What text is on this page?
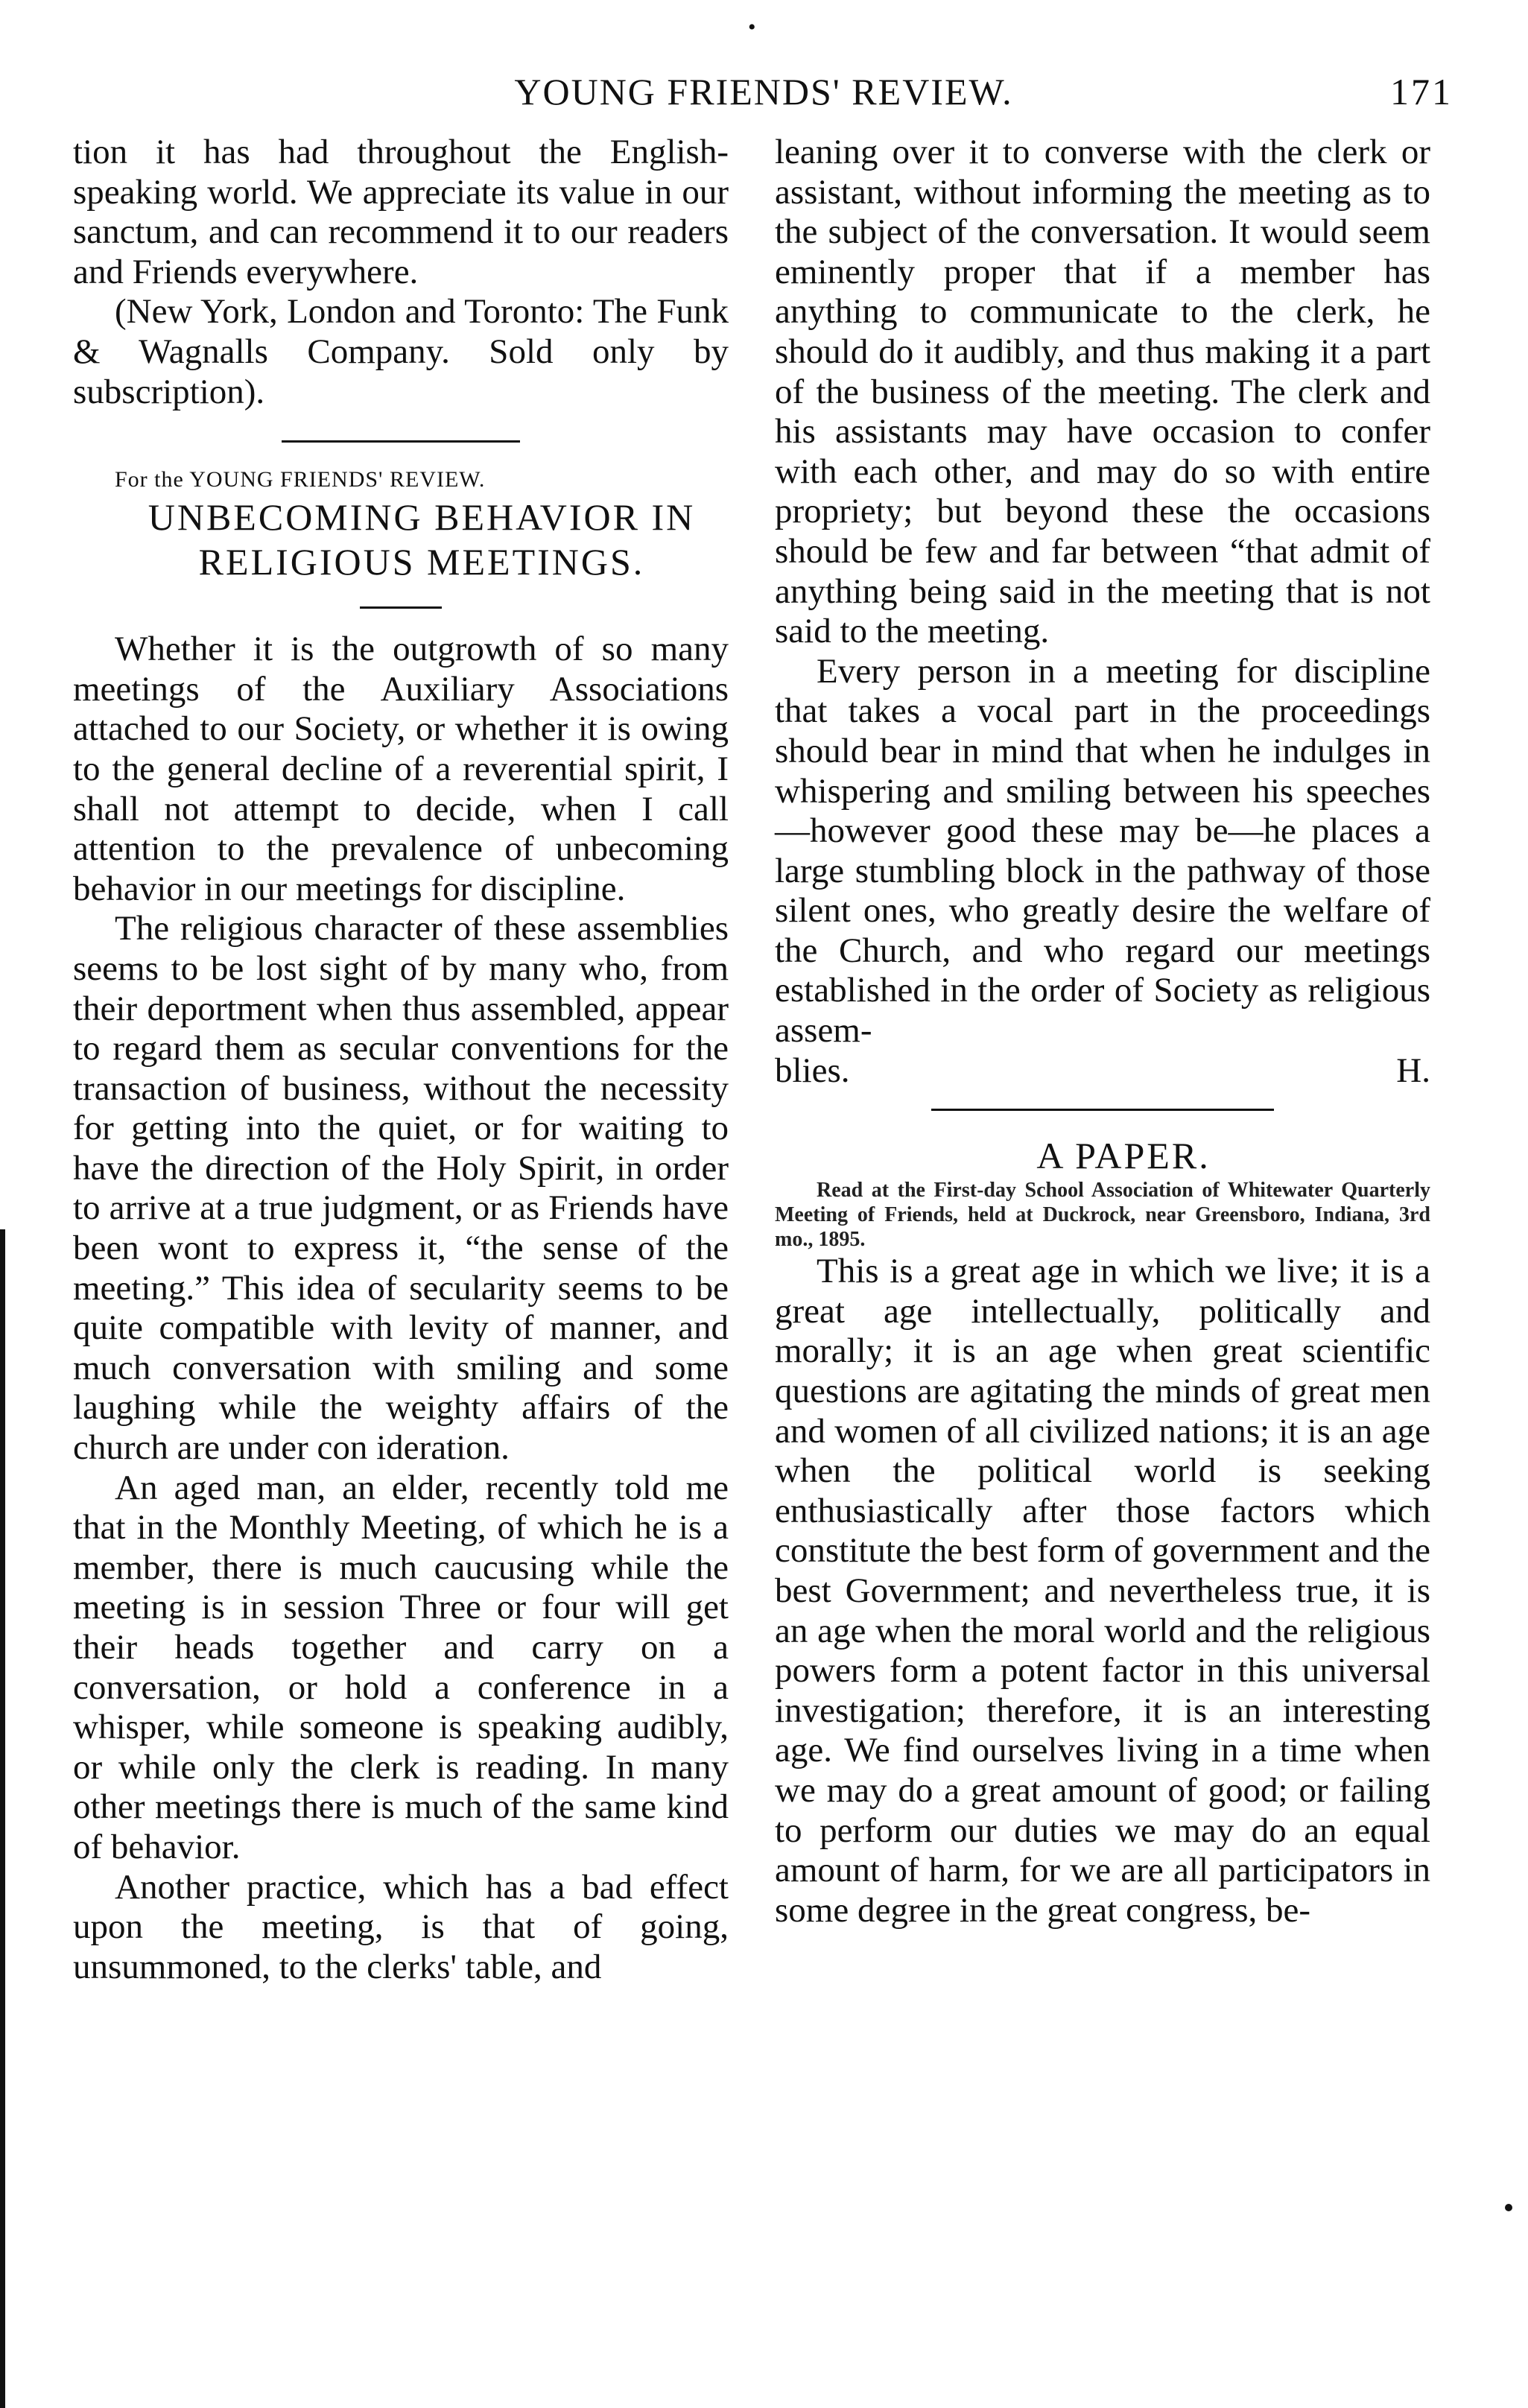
•
YOUNG FRIENDS' REVIEW.	171

tion it has had throughout the English-speaking world. We appreciate its value in our sanctum, and can recommend it to our readers and Friends everywhere.

(New York, London and Toronto: The Funk & Wagnalls Company. Sold only by subscription).

For the YOUNG FRIENDS' REVIEW.

UNBECOMING BEHAVIOR IN

RELIGIOUS MEETINGS.

Whether it is the outgrowth of so many meetings of the Auxiliary Associations attached to our Society, or whether it is owing to the general decline of a reverential spirit, I shall not attempt to decide, when I call attention to the prevalence of unbecoming behavior in our meetings for discipline.

The religious character of these assemblies seems to be lost sight of by many who, from their deportment when thus assembled, appear to regard them as secular conventions for the transaction of business, without the necessity for getting into the quiet, or for waiting to have the direction of the Holy Spirit, in order to arrive at a true judgment, or as Friends have been wont to express it, “the sense of the meeting.” This idea of secularity seems to be quite compatible with levity of manner, and much conversation with smiling and some laughing while the weighty affairs of the church are under con ideration.

An aged man, an elder, recently told me that in the Monthly Meeting, of which he is a member, there is much caucusing while the meeting is in session Three or four will get their heads together and carry on a conversation, or hold a conference in a whisper, while someone is speaking audibly, or while only the clerk is reading. In many other meetings there is much of the same kind of behavior.

Another practice, which has a bad effect upon the meeting, is that of going, unsummoned, to the clerks' table, and

leaning over it to converse with the clerk or assistant, without informing the meeting as to the subject of the conversation. It would seem eminently proper that if a member has anything to communicate to the clerk, he should do it audibly, and thus making it a part of the business of the meeting. The clerk and his assistants may have occasion to confer with each other, and may do so with entire propriety; but beyond these the occasions should be few and far between “that admit of anything being said in the meeting that is not said to the meeting.

Every person in a meeting for discipline that takes a vocal part in the proceedings should bear in mind that when he indulges in whispering and smiling between his speeches—however good these may be—he places a large stumbling block in the pathway of those silent ones, who greatly desire the welfare of the Church, and who regard our meetings established in the order of Society as religious assem-

blies.	H.

A PAPER.

Read at the First-day School Association of Whitewater Quarterly Meeting of Friends, held at Duckrock, near Greensboro, Indiana, 3rd mo., 1895.

This is a great age in which we live; it is a great age intellectually, politically and morally; it is an age when great scientific questions are agitating the minds of great men and women of all civilized nations; it is an age when the political world is seeking enthusiastically after those factors which constitute the best form of government and the best Government; and nevertheless true, it is an age when the moral world and the religious powers form a potent factor in this universal investigation; therefore, it is an interesting age. We find ourselves living in a time when we may do a great amount of good; or failing to perform our duties we may do an equal amount of harm, for we are all participators in some degree in the great congress, be-
